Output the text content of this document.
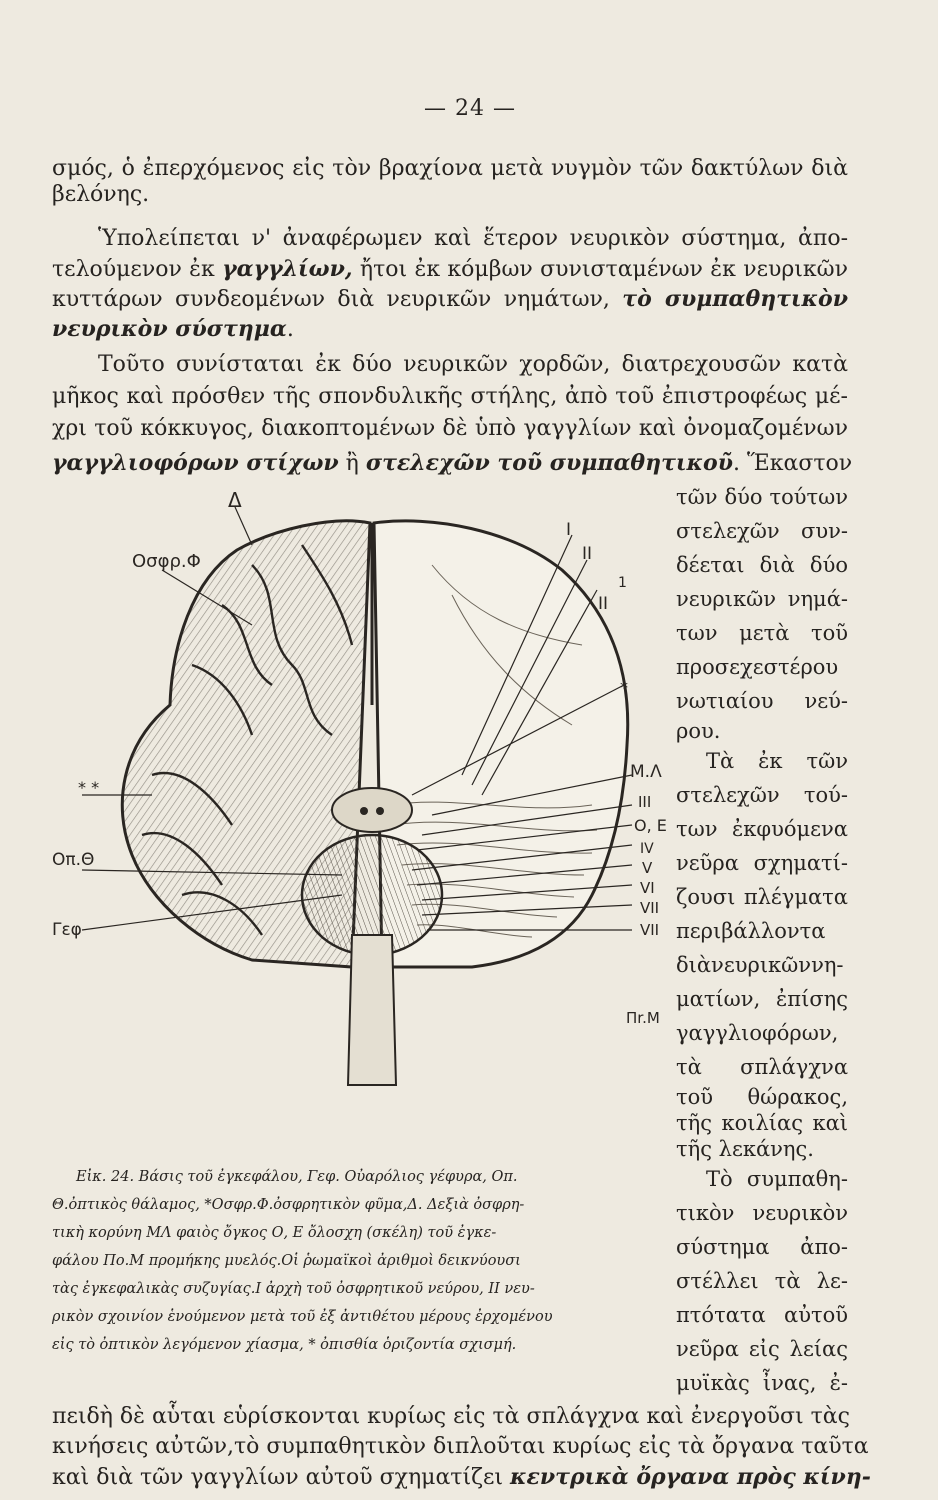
— 24 —
σμός, ὁ ἐπερχόμενος εἰς τὸν βραχίονα μετὰ νυγμὸν τῶν δακτύλων διὰ
βελόνης.
Ὑπολείπεται ν' ἀναφέρωμεν καὶ ἕτερον νευρικὸν σύστημα, ἀπο-
τελούμενον ἐκ γαγγλίων, ἤτοι ἐκ κόμβων συνισταμένων ἐκ νευρικῶν
κυττάρων συνδεομένων διὰ νευρικῶν νημάτων, τὸ συμπαθητικὸν
νευρικὸν σύστημα.
Τοῦτο συνίσταται ἐκ δύο νευρικῶν χορδῶν, διατρεχουσῶν κατὰ
μῆκος καὶ πρόσθεν τῆς σπονδυλικῆς στήλης, ἀπὸ τοῦ ἐπιστροφέως μέ-
χρι τοῦ κόκκυγος, διακοπτομένων δὲ ὑπὸ γαγγλίων καὶ ὀνομαζομένων
γαγγλιοφόρων στίχων ἢ στελεχῶν τοῦ συμπαθητικοῦ. Ἕκαστον
τῶν δύο τούτων
στελεχῶν συν-
δέεται διὰ δύο
νευρικῶν νημά-
των μετὰ τοῦ
προσεχεστέρου
νωτιαίου νεύ-
ρου.
Τὰ ἐκ τῶν
στελεχῶν τού-
των ἐκφυόμενα
νεῦρα σχηματί-
ζουσι πλέγματα
περιβάλλοντα
διὰνευρικῶννη-
ματίων, ἐπίσης
γαγγλιοφόρων,
τὰ σπλάγχνα
τοῦ θώρακος,
τῆς κοιλίας καὶ
τῆς λεκάνης.
Τὸ συμπαθη-
τικὸν νευρικὸν
σύστημα ἀπο-
στέλλει τὰ λε-
πτότατα αὐτοῦ
νεῦρα εἰς λείας
μυϊκὰς ἶνας, ἐ-
Δ
Οσφρ.Φ
I
II
1
II
*
Μ.Λ
III
Ο, Ε
IV
V
VI
VII
VII
Οπ.Θ
Γεφ
Πr.Μ
* *
Εἰκ. 24. Βάσις τοῦ ἐγκεφάλου, Γεφ. Οὐαρόλιος γέφυρα, Οπ.
Θ.ὀπτικὸς θάλαμος, *Οσφρ.Φ.ὀσφρητικὸν φῦμα,Δ. Δεξιὰ ὀσφρη-
τικὴ κορύνη ΜΛ φαιὸς ὄγκος Ο, Ε ὄλοσχη (σκέλη) τοῦ ἐγκε-
φάλου Πο.Μ προμήκης μυελός.Οἱ ῥωμαϊκοὶ ἀριθμοὶ δεικνύουσι
τὰς ἐγκεφαλικὰς συζυγίας.I ἀρχὴ τοῦ ὀσφρητικοῦ νεύρου, II νευ-
ρικὸν σχοινίον ἑνούμενον μετὰ τοῦ ἐξ ἀντιθέτου μέρους ἐρχομένου
εἰς τὸ ὀπτικὸν λεγόμενον χίασμα, * ὀπισθία ὁριζοντία σχισμή.
πειδὴ δὲ αὗται εὑρίσκονται κυρίως εἰς τὰ σπλάγχνα καὶ ἐνεργοῦσι τὰς
κινήσεις αὐτῶν,τὸ συμπαθητικὸν διπλοῦται κυρίως εἰς τὰ ὄργανα ταῦτα
καὶ διὰ τῶν γαγγλίων αὐτοῦ σχηματίζει κεντρικὰ ὄργανα πρὸς κίνη-
